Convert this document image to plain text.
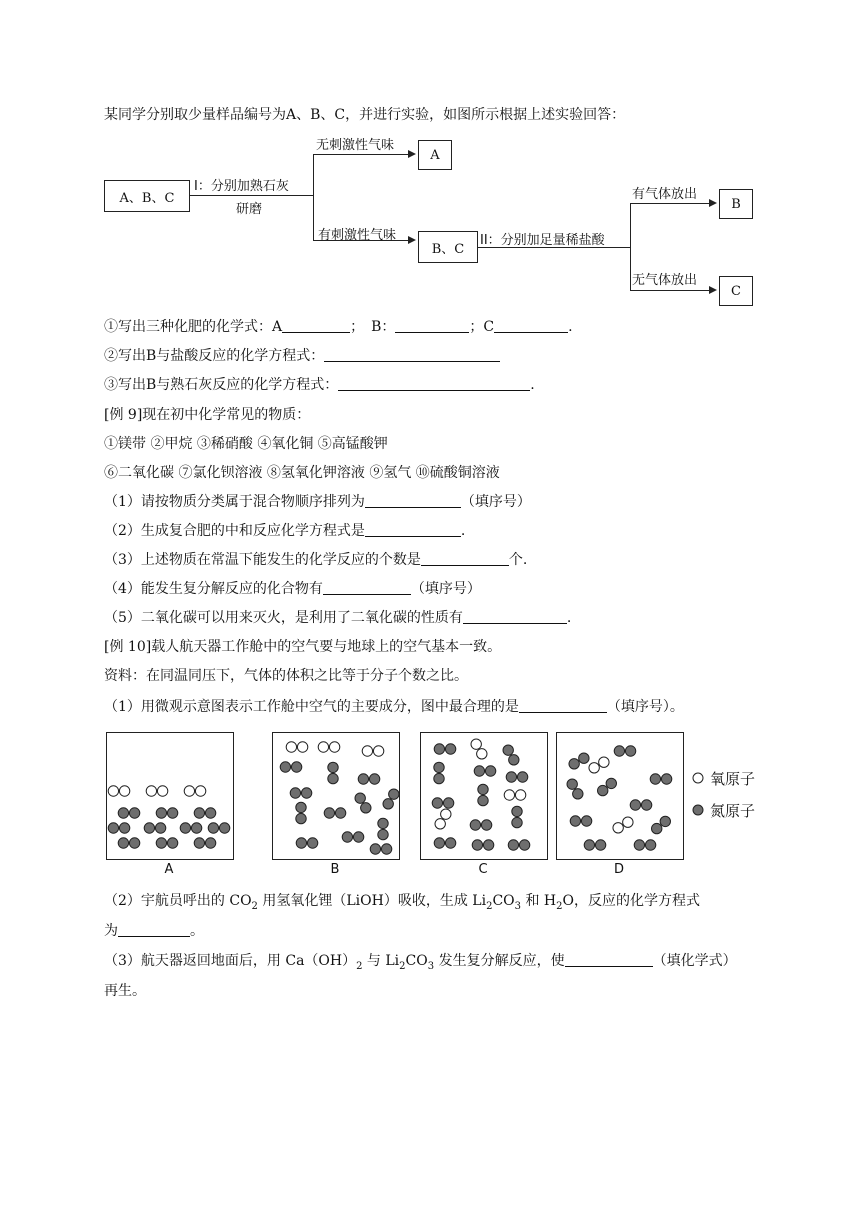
某同学分别取少量样品编号为A、B、C，并进行实验，如图所示根据上述实验回答：
A、B、C
I：分别加熟石灰
研磨
无刺激性气味
A
有刺激性气味
B、C
II：分别加足量稀盐酸
有气体放出
B
无气体放出
C
①写出三种化肥的化学式：A	；　B：	；C	.
②写出B与盐酸反应的化学方程式：
③写出B与熟石灰反应的化学方程式：	.
[例 9]现在初中化学常见的物质：
①镁带 ②甲烷 ③稀硝酸 ④氧化铜 ⑤高锰酸钾
⑥二氧化碳 ⑦氯化钡溶液 ⑧氢氧化钾溶液 ⑨氢气 ⑩硫酸铜溶液
（1）请按物质分类属于混合物顺序排列为	（填序号）
（2）生成复合肥的中和反应化学方程式是	.
（3）上述物质在常温下能发生的化学反应的个数是	个.
（4）能发生复分解反应的化合物有	（填序号）
（5）二氧化碳可以用来灭火，是利用了二氧化碳的性质有	.
[例 10]载人航天器工作舱中的空气要与地球上的空气基本一致。
资料：在同温同压下，气体的体积之比等于分子个数之比。
（1）用微观示意图表示工作舱中空气的主要成分，图中最合理的是	（填序号）。
A	B	C	D
氧原子
氮原子
（2）宇航员呼出的 $CO_2$ 用氢氧化锂（LiOH）吸收，生成 $Li_2CO_3$ 和 $H_2O$，反应的化学方程式
为	。
（3）航天器返回地面后，用 $Ca(OH)_2$ 与 $Li_2CO_3$ 发生复分解反应，使	（填化学式）
再生。
